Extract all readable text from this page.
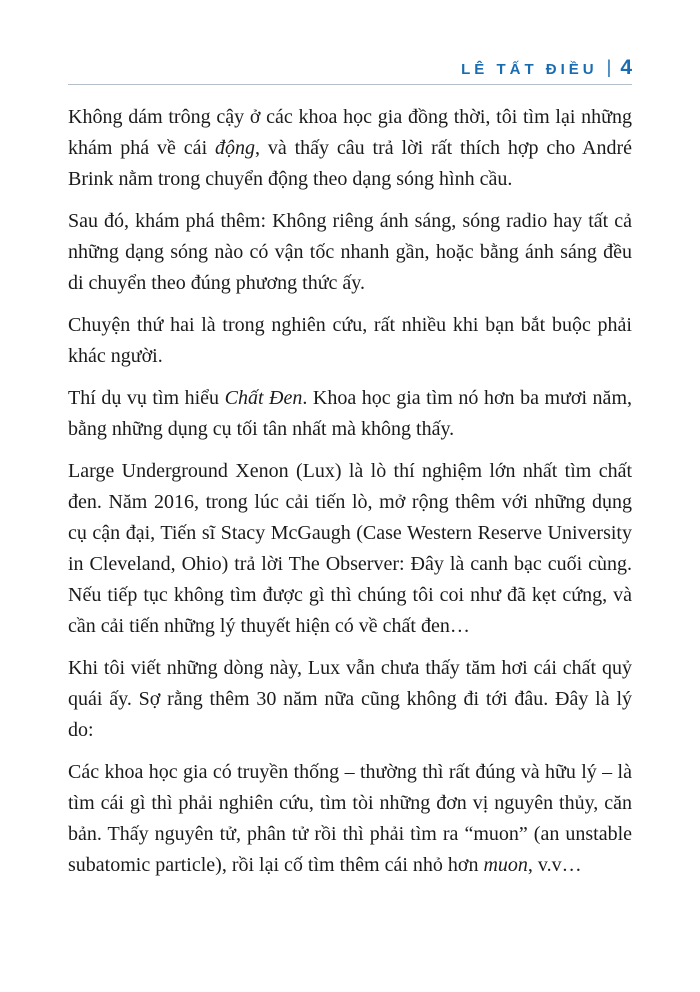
LÊ TẤT ĐIỀU | 4

Không dám trông cậy ở các khoa học gia đồng thời, tôi tìm lại những khám phá về cái động, và thấy câu trả lời rất thích hợp cho André Brink nằm trong chuyển động theo dạng sóng hình cầu.

Sau đó, khám phá thêm: Không riêng ánh sáng, sóng radio hay tất cả những dạng sóng nào có vận tốc nhanh gần, hoặc bằng ánh sáng đều di chuyển theo đúng phương thức ấy.

Chuyện thứ hai là trong nghiên cứu, rất nhiều khi bạn bắt buộc phải khác người.

Thí dụ vụ tìm hiểu Chất Đen. Khoa học gia tìm nó hơn ba mươi năm, bằng những dụng cụ tối tân nhất mà không thấy.

Large Underground Xenon (Lux) là lò thí nghiệm lớn nhất tìm chất đen. Năm 2016, trong lúc cải tiến lò, mở rộng thêm với những dụng cụ cận đại, Tiến sĩ Stacy McGaugh (Case Western Reserve University in Cleveland, Ohio) trả lời The Observer: Đây là canh bạc cuối cùng. Nếu tiếp tục không tìm được gì thì chúng tôi coi như đã kẹt cứng, và cần cải tiến những lý thuyết hiện có về chất đen…

Khi tôi viết những dòng này, Lux vẫn chưa thấy tăm hơi cái chất quỷ quái ấy. Sợ rằng thêm 30 năm nữa cũng không đi tới đâu. Đây là lý do:

Các khoa học gia có truyền thống – thường thì rất đúng và hữu lý – là tìm cái gì thì phải nghiên cứu, tìm tòi những đơn vị nguyên thủy, căn bản. Thấy nguyên tử, phân tử rồi thì phải tìm ra “muon” (an unstable subatomic particle), rồi lại cố tìm thêm cái nhỏ hơn muon, v.v…
